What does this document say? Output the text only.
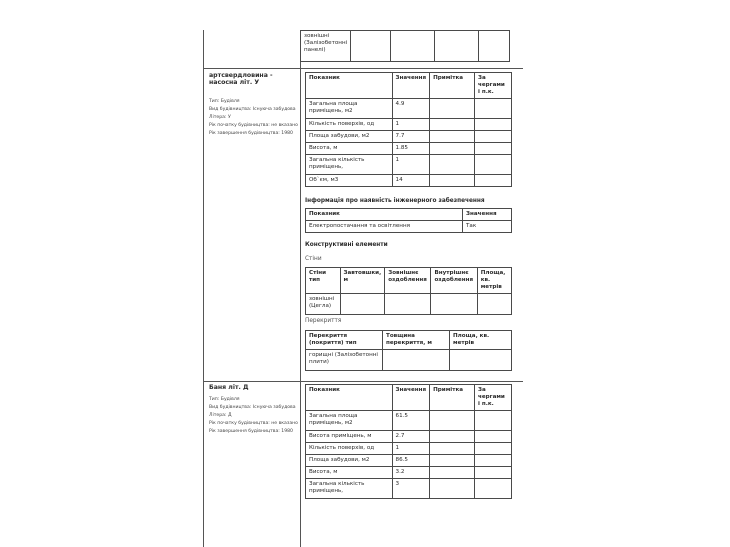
зовнішні (Залізобетонні панелі)				
артсвердловина - насосна літ. У
Тип: Будівля
Вид будівництва: Існуюча забудова
Літера: У
Рік початку будівництва: не вказано
Рік завершення будівництва: 1980
Показник	Значення	Примітка	За чергами і п.к.
Загальна площа приміщень, м2	4.9		
Кількість поверхів, од	1		
Площа забудови, м2	7.7		
Висота, м	1.85		
Загальна кількість приміщень,	1		
Об`єм, м3	14		
Інформація про наявність інженерного забезпечення
Показник	Значення
Електропостачання та освітлення	Так
Конструктивні елементи
Стіни
Стіни тип	Завтовшки, м	Зовнішнє оздоблення	Внутрішнє оздоблення	Площа, кв. метрів
зовнішні (Цегла)				
Перекриття
Перекриття (покриття) тип	Товщина перекриття, м	Площа, кв. метрів
горищні (Залізобетонні плити)		
Баня літ. Д
Тип: Будівля
Вид будівництва: Існуюча забудова
Літера: Д
Рік початку будівництва: не вказано
Рік завершення будівництва: 1980
Показник	Значення	Примітка	За чергами і п.к.
Загальна площа приміщень, м2	61.5		
Висота приміщень, м	2.7		
Кількість поверхів, од	1		
Площа забудови, м2	86.5		
Висота, м	3.2		
Загальна кількість приміщень,	3		
